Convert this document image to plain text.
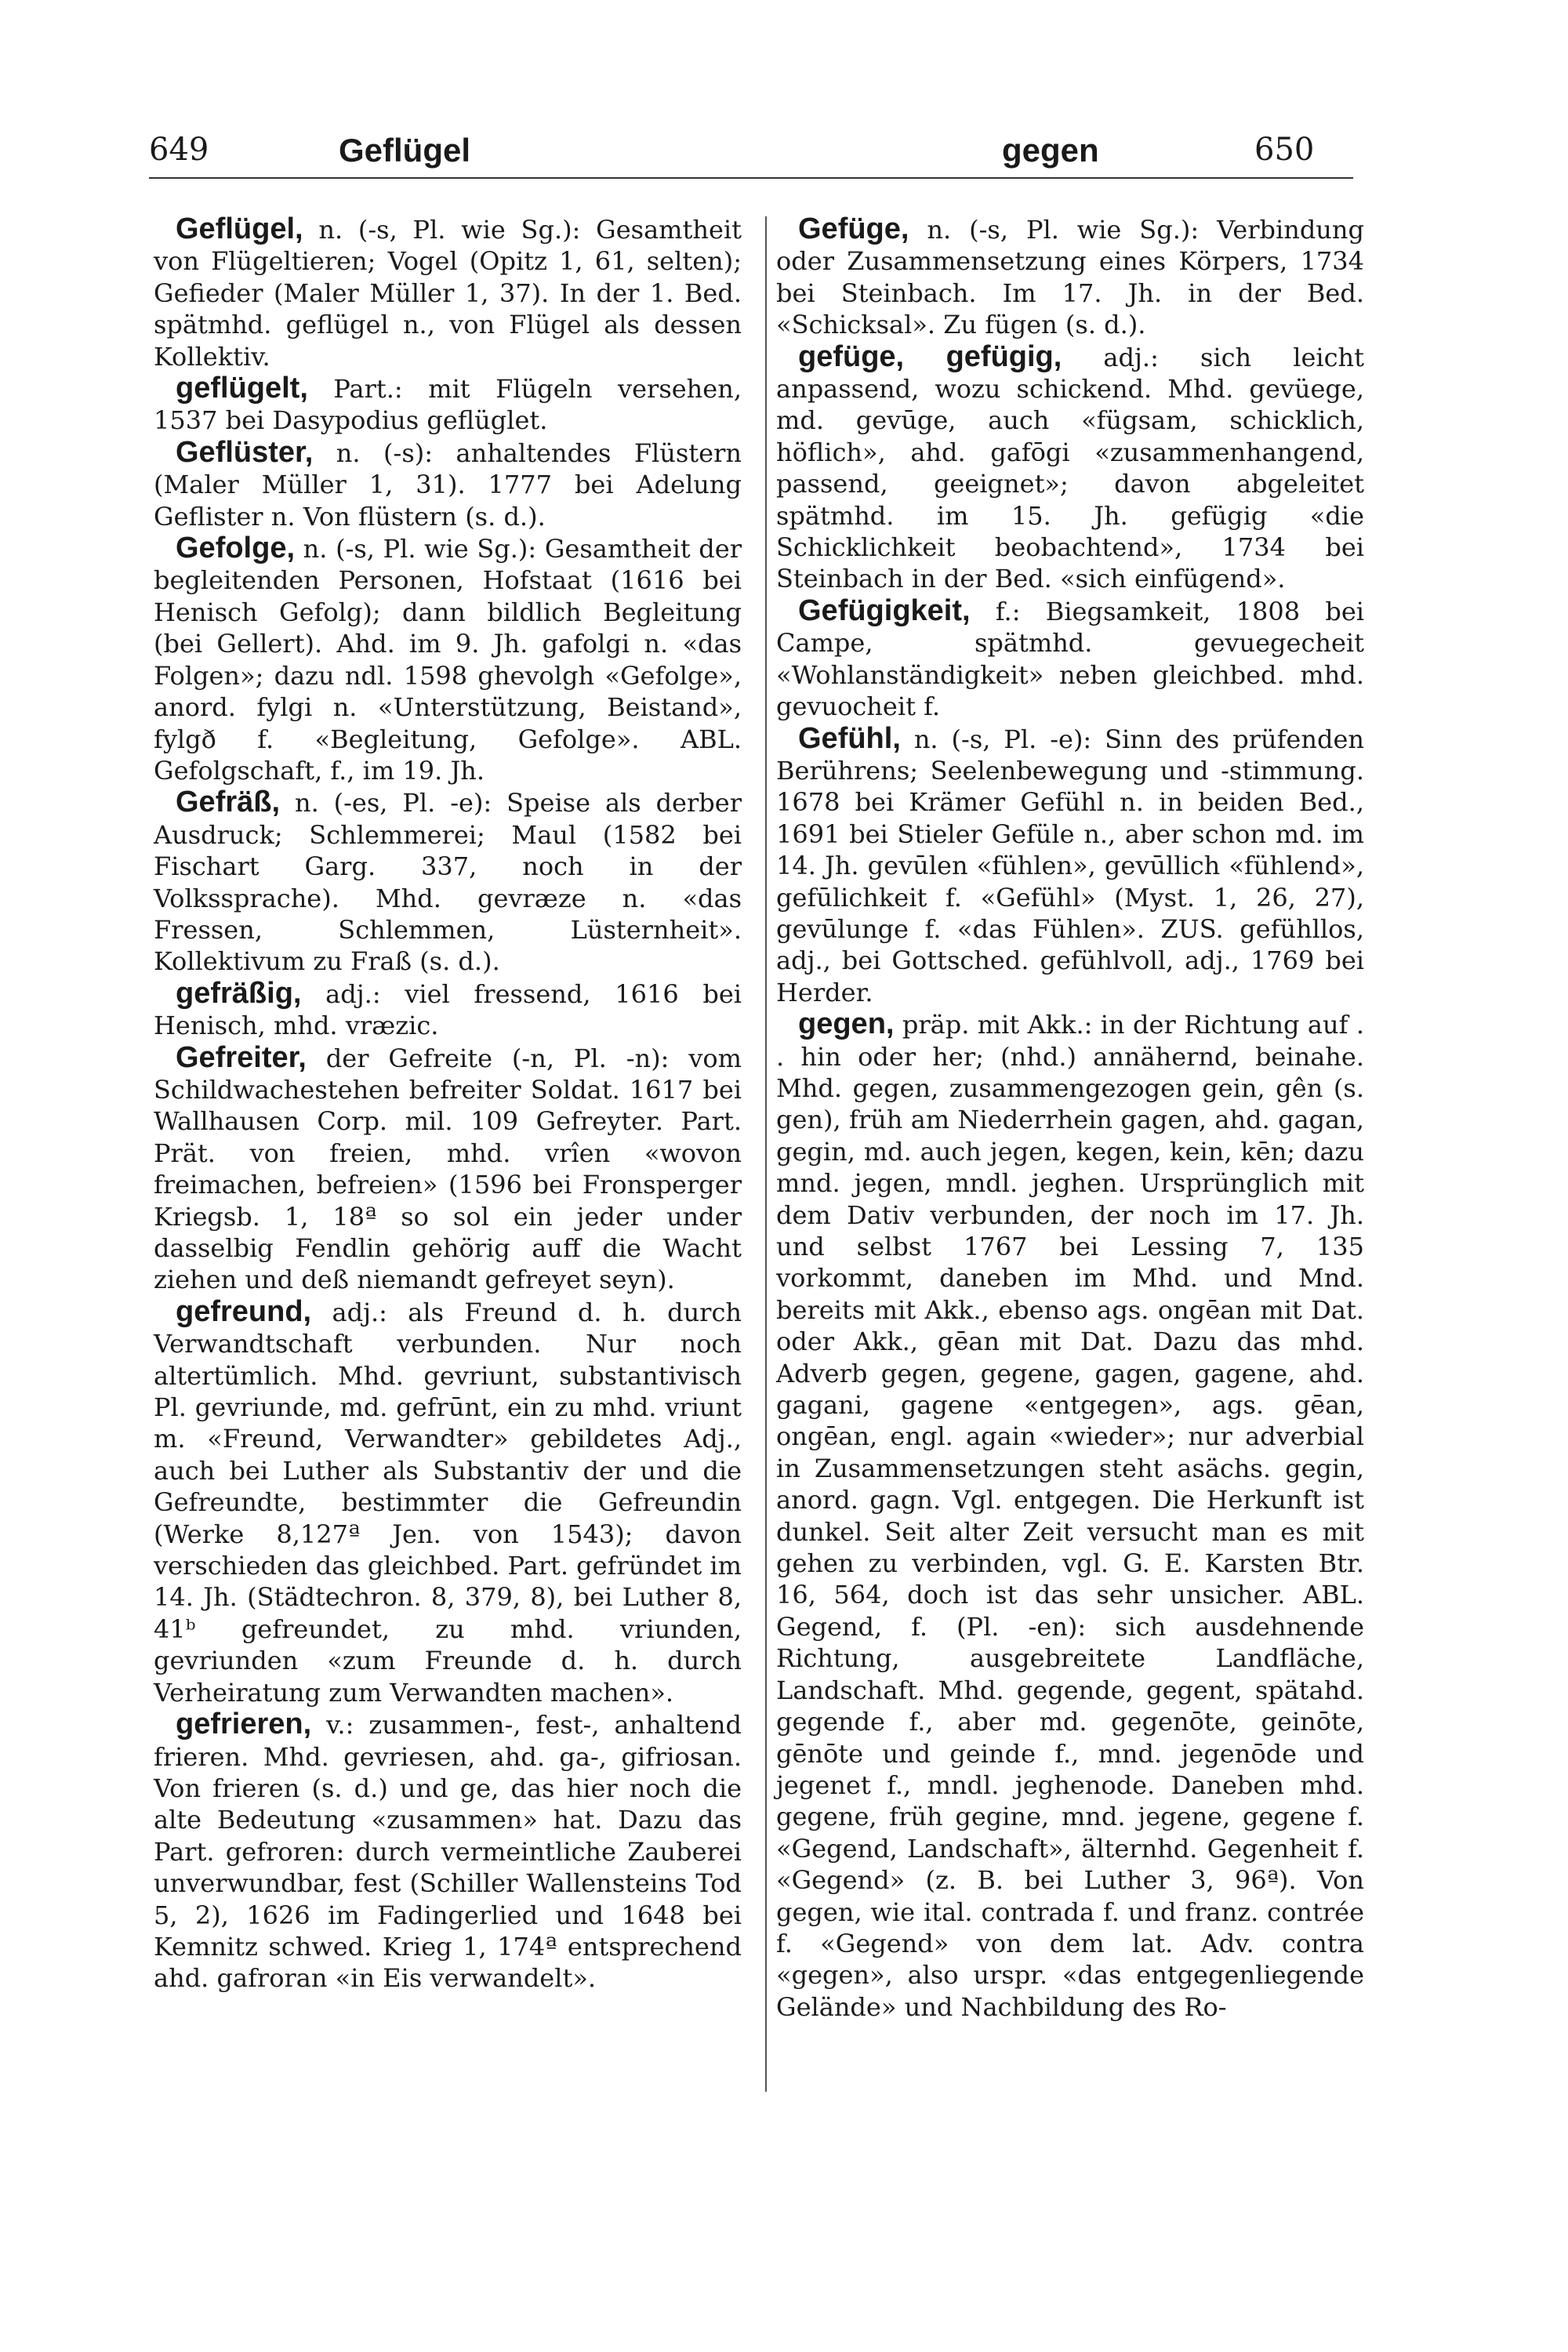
649	Geflügel	gegen	650

Geflügel, n. (-s, Pl. wie Sg.): Gesamtheit von Flügeltieren; Vogel (Opitz 1, 61, selten); Gefieder (Maler Müller 1, 37). In der 1. Bed. spätmhd. geflügel n., von Flügel als dessen Kollektiv.

geflügelt, Part.: mit Flügeln versehen, 1537 bei Dasypodius geflüglet.

Geflüster, n. (-s): anhaltendes Flüstern (Maler Müller 1, 31). 1777 bei Adelung Geflister n. Von flüstern (s. d.).

Gefolge, n. (-s, Pl. wie Sg.): Gesamtheit der begleitenden Personen, Hofstaat (1616 bei Henisch Gefolg); dann bildlich Begleitung (bei Gellert). Ahd. im 9. Jh. gafolgi n. «das Folgen»; dazu ndl. 1598 ghevolgh «Gefolge», anord. fylgi n. «Unterstützung, Beistand», fylgð f. «Begleitung, Gefolge». ABL. Gefolgschaft, f., im 19. Jh.

Gefräß, n. (-es, Pl. -e): Speise als derber Ausdruck; Schlemmerei; Maul (1582 bei Fischart Garg. 337, noch in der Volkssprache). Mhd. gevræze n. «das Fressen, Schlemmen, Lüsternheit». Kollektivum zu Fraß (s. d.).

gefräßig, adj.: viel fressend, 1616 bei Henisch, mhd. vræzic.

Gefreiter, der Gefreite (-n, Pl. -n): vom Schildwachestehen befreiter Soldat. 1617 bei Wallhausen Corp. mil. 109 Gefreyter. Part. Prät. von freien, mhd. vrîen «wovon freimachen, befreien» (1596 bei Fronsperger Kriegsb. 1, 18ª so sol ein jeder under dasselbig Fendlin gehörig auff die Wacht ziehen und deß niemandt gefreyet seyn).

gefreund, adj.: als Freund d. h. durch Verwandtschaft verbunden. Nur noch altertümlich. Mhd. gevriunt, substantivisch Pl. gevriunde, md. gefrūnt, ein zu mhd. vriunt m. «Freund, Verwandter» gebildetes Adj., auch bei Luther als Substantiv der und die Gefreundte, bestimmter die Gefreundin (Werke 8,127ª Jen. von 1543); davon verschieden das gleichbed. Part. gefründet im 14. Jh. (Städtechron. 8, 379, 8), bei Luther 8, 41ᵇ gefreundet, zu mhd. vriunden, gevriunden «zum Freunde d. h. durch Verheiratung zum Verwandten machen».

gefrieren, v.: zusammen-, fest-, anhaltend frieren. Mhd. gevriesen, ahd. ga-, gifriosan. Von frieren (s. d.) und ge, das hier noch die alte Bedeutung «zusammen» hat. Dazu das Part. gefroren: durch vermeintliche Zauberei unverwundbar, fest (Schiller Wallensteins Tod 5, 2), 1626 im Fadingerlied und 1648 bei Kemnitz schwed. Krieg 1, 174ª entsprechend ahd. gafroran «in Eis verwandelt».

Gefüge, n. (-s, Pl. wie Sg.): Verbindung oder Zusammensetzung eines Körpers, 1734 bei Steinbach. Im 17. Jh. in der Bed. «Schicksal». Zu fügen (s. d.).

gefüge, gefügig, adj.: sich leicht anpassend, wozu schickend. Mhd. gevüege, md. gevūge, auch «fügsam, schicklich, höflich», ahd. gafōgi «zusammenhangend, passend, geeignet»; davon abgeleitet spätmhd. im 15. Jh. gefügig «die Schicklichkeit beobachtend», 1734 bei Steinbach in der Bed. «sich einfügend».

Gefügigkeit, f.: Biegsamkeit, 1808 bei Campe, spätmhd. gevuegecheit «Wohlanständigkeit» neben gleichbed. mhd. gevuocheit f.

Gefühl, n. (-s, Pl. -e): Sinn des prüfenden Berührens; Seelenbewegung und -stimmung. 1678 bei Krämer Gefühl n. in beiden Bed., 1691 bei Stieler Gefüle n., aber schon md. im 14. Jh. gevūlen «fühlen», gevūllich «fühlend», gefūlichkeit f. «Gefühl» (Myst. 1, 26, 27), gevūlunge f. «das Fühlen». ZUS. gefühllos, adj., bei Gottsched. gefühlvoll, adj., 1769 bei Herder.

gegen, präp. mit Akk.: in der Richtung auf . . hin oder her; (nhd.) annähernd, beinahe. Mhd. gegen, zusammengezogen gein, gên (s. gen), früh am Niederrhein gagen, ahd. gagan, gegin, md. auch jegen, kegen, kein, kēn; dazu mnd. jegen, mndl. jeghen. Ursprünglich mit dem Dativ verbunden, der noch im 17. Jh. und selbst 1767 bei Lessing 7, 135 vorkommt, daneben im Mhd. und Mnd. bereits mit Akk., ebenso ags. ongēan mit Dat. oder Akk., gēan mit Dat. Dazu das mhd. Adverb gegen, gegene, gagen, gagene, ahd. gagani, gagene «entgegen», ags. gēan, ongēan, engl. again «wieder»; nur adverbial in Zusammensetzungen steht asächs. gegin, anord. gagn. Vgl. entgegen. Die Herkunft ist dunkel. Seit alter Zeit versucht man es mit gehen zu verbinden, vgl. G. E. Karsten Btr. 16, 564, doch ist das sehr unsicher. ABL. Gegend, f. (Pl. -en): sich ausdehnende Richtung, ausgebreitete Landfläche, Landschaft. Mhd. gegende, gegent, spätahd. gegende f., aber md. gegenōte, geinōte, gēnōte und geinde f., mnd. jegenōde und jegenet f., mndl. jeghenode. Daneben mhd. gegene, früh gegine, mnd. jegene, gegene f. «Gegend, Landschaft», älternhd. Gegenheit f. «Gegend» (z. B. bei Luther 3, 96ª). Von gegen, wie ital. contrada f. und franz. contrée f. «Gegend» von dem lat. Adv. contra «gegen», also urspr. «das entgegenliegende Gelände» und Nachbildung des Ro-
